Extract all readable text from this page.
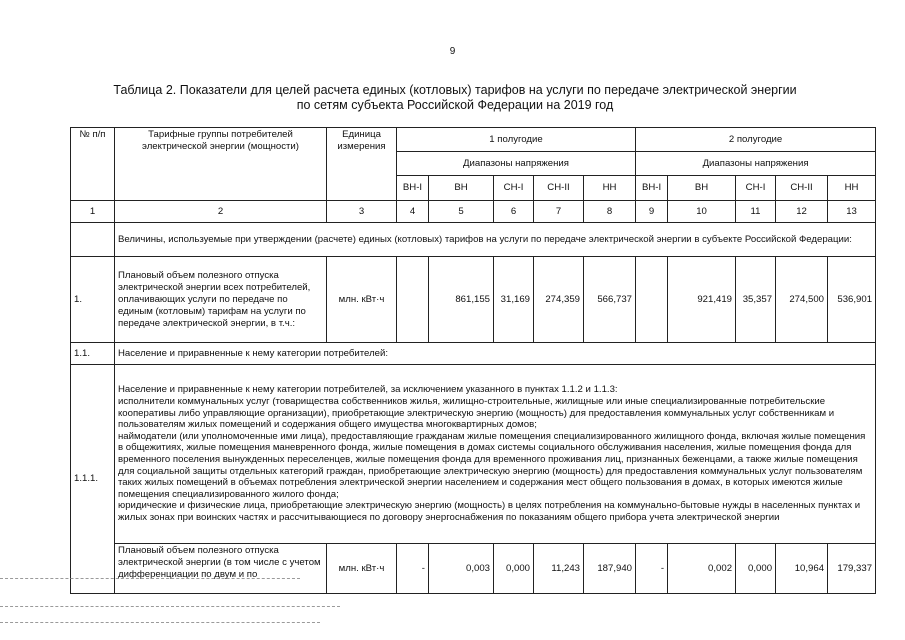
9
Таблица 2. Показатели для целей расчета единых (котловых) тарифов на услуги по передаче электрической энергии
по сетям субъекта Российской Федерации на 2019 год
№ п/п	Тарифные группы потребителей электрической энергии (мощности)	Единица измерения	1 полугодие					2 полугодие				
			Диапазоны напряжения					Диапазоны напряжения				
			ВН-I	ВН	СН-I	СН-II	НН	ВН-I	ВН	СН-I	СН-II	НН
1	2	3	4	5	6	7	8	9	10	11	12	13
	Величины, используемые при утверждении (расчете) единых (котловых) тарифов на услуги по передаче электрической энергии в субъекте Российской Федерации:											
1.	Плановый объем полезного отпуска электрической энергии всех потребителей, оплачивающих услуги по передаче по единым (котловым) тарифам на услуги по передаче электрической энергии, в т.ч.:	млн. кВт·ч		861,155	31,169	274,359	566,737		921,419	35,357	274,500	536,901
1.1.	Население и приравненные к нему категории потребителей:											
1.1.1.	Население и приравненные к нему категории потребителей, за исключением указанного в пунктах 1.1.2 и 1.1.3:
исполнители коммунальных услуг (товарищества собственников жилья, жилищно-строительные, жилищные или иные специализированные потребительские кооперативы либо управляющие организации), приобретающие электрическую энергию (мощность) для предоставления коммунальных услуг собственникам и пользователям жилых помещений и содержания общего имущества многоквартирных домов;
наймодатели (или уполномоченные ими лица), предоставляющие гражданам жилые помещения специализированного жилищного фонда, включая жилые помещения в общежитиях, жилые помещения маневренного фонда, жилые помещения в домах системы социального обслуживания населения, жилые помещения фонда для временного поселения вынужденных переселенцев, жилые помещения фонда для временного проживания лиц, признанных беженцами, а также жилые помещения для социальной защиты отдельных категорий граждан, приобретающие электрическую энергию (мощность) для предоставления коммунальных услуг пользователям таких жилых помещений в объемах потребления электрической энергии населением и содержания мест общего пользования в домах, в которых имеются жилые помещения специализированного жилого фонда;
юридические и физические лица, приобретающие электрическую энергию (мощность) в целях потребления на коммунально-бытовые нужды в населенных пунктах и жилых зонах при воинских частях и рассчитывающиеся по договору энергоснабжения по показаниям общего прибора учета электрической энергии											

	Плановый объем полезного отпуска электрической энергии (в том числе с учетом дифференциации по двум и по	млн. кВт·ч	-	0,003	0,000	11,243	187,940	-	0,002	0,000	10,964	179,337
